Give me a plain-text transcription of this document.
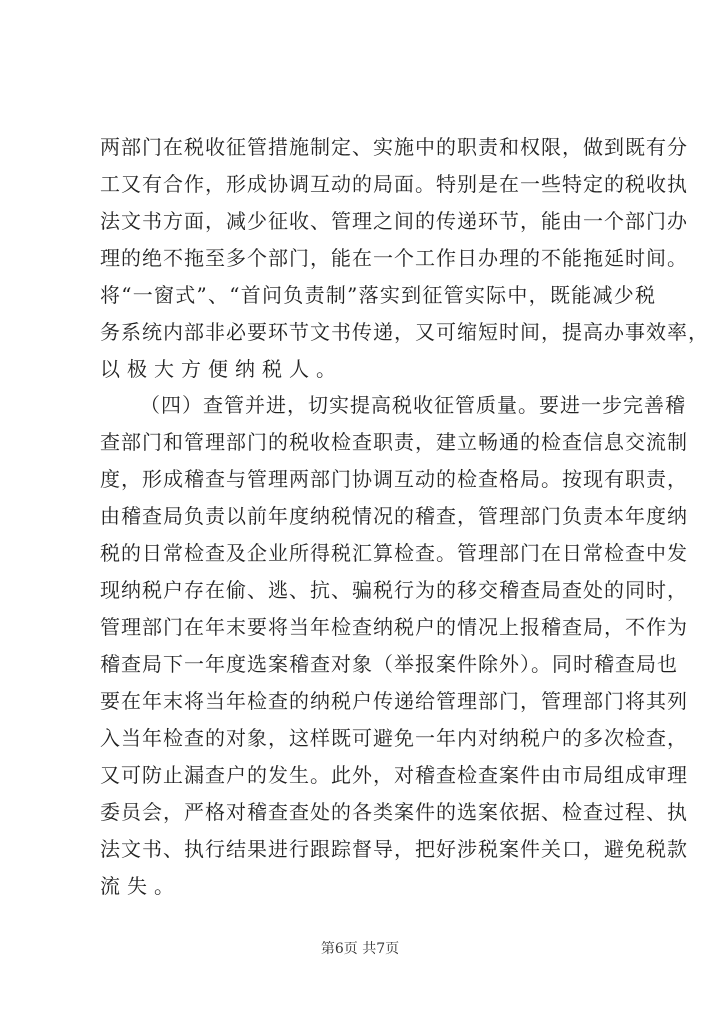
两部门在税收征管措施制定、实施中的职责和权限，做到既有分
工又有合作，形成协调互动的局面。特别是在一些特定的税收执
法文书方面，减少征收、管理之间的传递环节，能由一个部门办
理的绝不拖至多个部门，能在一个工作日办理的不能拖延时间。
将“一窗式”、“首问负责制”落实到征管实际中，既能减少税
务系统内部非必要环节文书传递，又可缩短时间，提高办事效率，
以极大方便纳税人。
（四）查管并进，切实提高税收征管质量。要进一步完善稽
查部门和管理部门的税收检查职责，建立畅通的检查信息交流制
度，形成稽查与管理两部门协调互动的检查格局。按现有职责，
由稽查局负责以前年度纳税情况的稽查，管理部门负责本年度纳
税的日常检查及企业所得税汇算检查。管理部门在日常检查中发
现纳税户存在偷、逃、抗、骗税行为的移交稽查局查处的同时，
管理部门在年末要将当年检查纳税户的情况上报稽查局，不作为
稽查局下一年度选案稽查对象（举报案件除外）。同时稽查局也
要在年末将当年检查的纳税户传递给管理部门，管理部门将其列
入当年检查的对象，这样既可避免一年内对纳税户的多次检查，
又可防止漏查户的发生。此外，对稽查检查案件由市局组成审理
委员会，严格对稽查查处的各类案件的选案依据、检查过程、执
法文书、执行结果进行跟踪督导，把好涉税案件关口，避免税款
流失。
第6页 共7页
